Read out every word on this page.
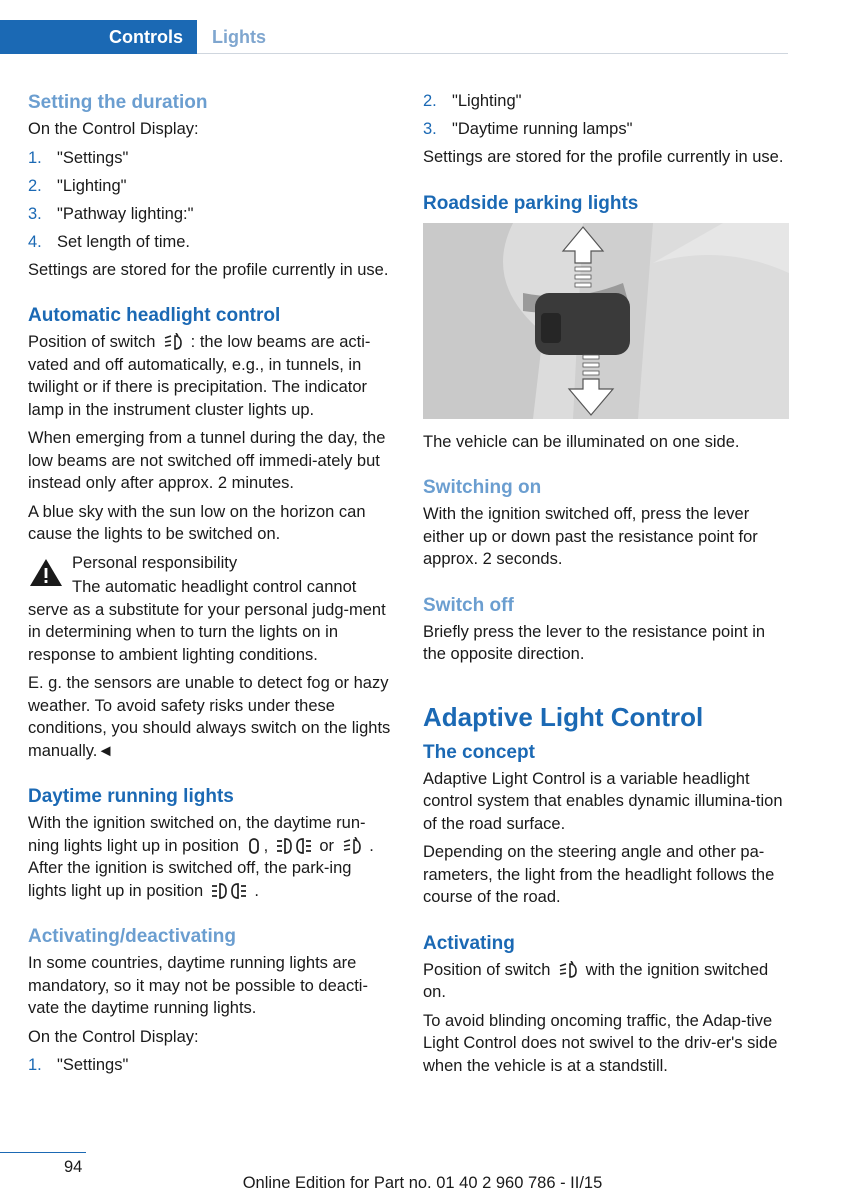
Controls	Lights
Setting the duration
On the Control Display:
1. "Settings"
2. "Lighting"
3. "Pathway lighting:"
4. Set length of time.
Settings are stored for the profile currently in use.
Automatic headlight control
Position of switch : the low beams are acti-vated and off automatically, e.g., in tunnels, in twilight or if there is precipitation. The indicator lamp in the instrument cluster lights up.
When emerging from a tunnel during the day, the low beams are not switched off immedi-ately but instead only after approx. 2 minutes.
A blue sky with the sun low on the horizon can cause the lights to be switched on.
Personal responsibility
The automatic headlight control cannot serve as a substitute for your personal judg-ment in determining when to turn the lights on in response to ambient lighting conditions.
E. g. the sensors are unable to detect fog or hazy weather. To avoid safety risks under these conditions, you should always switch on the lights manually.◄
Daytime running lights
With the ignition switched on, the daytime run-ning lights light up in position ,	or . After the ignition is switched off, the park-ing lights light up in position	.
Activating/deactivating
In some countries, daytime running lights are mandatory, so it may not be possible to deacti-vate the daytime running lights.
On the Control Display:
1. "Settings"
2. "Lighting"
3. "Daytime running lamps"
Settings are stored for the profile currently in use.
Roadside parking lights
The vehicle can be illuminated on one side.
Switching on
With the ignition switched off, press the lever either up or down past the resistance point for approx. 2 seconds.
Switch off
Briefly press the lever to the resistance point in the opposite direction.
Adaptive Light Control
The concept
Adaptive Light Control is a variable headlight control system that enables dynamic illumina-tion of the road surface.
Depending on the steering angle and other pa-rameters, the light from the headlight follows the course of the road.
Activating
Position of switch with the ignition switched on.
To avoid blinding oncoming traffic, the Adap-tive Light Control does not swivel to the driv-er's side when the vehicle is at a standstill.
94
Online Edition for Part no. 01 40 2 960 786 - II/15
